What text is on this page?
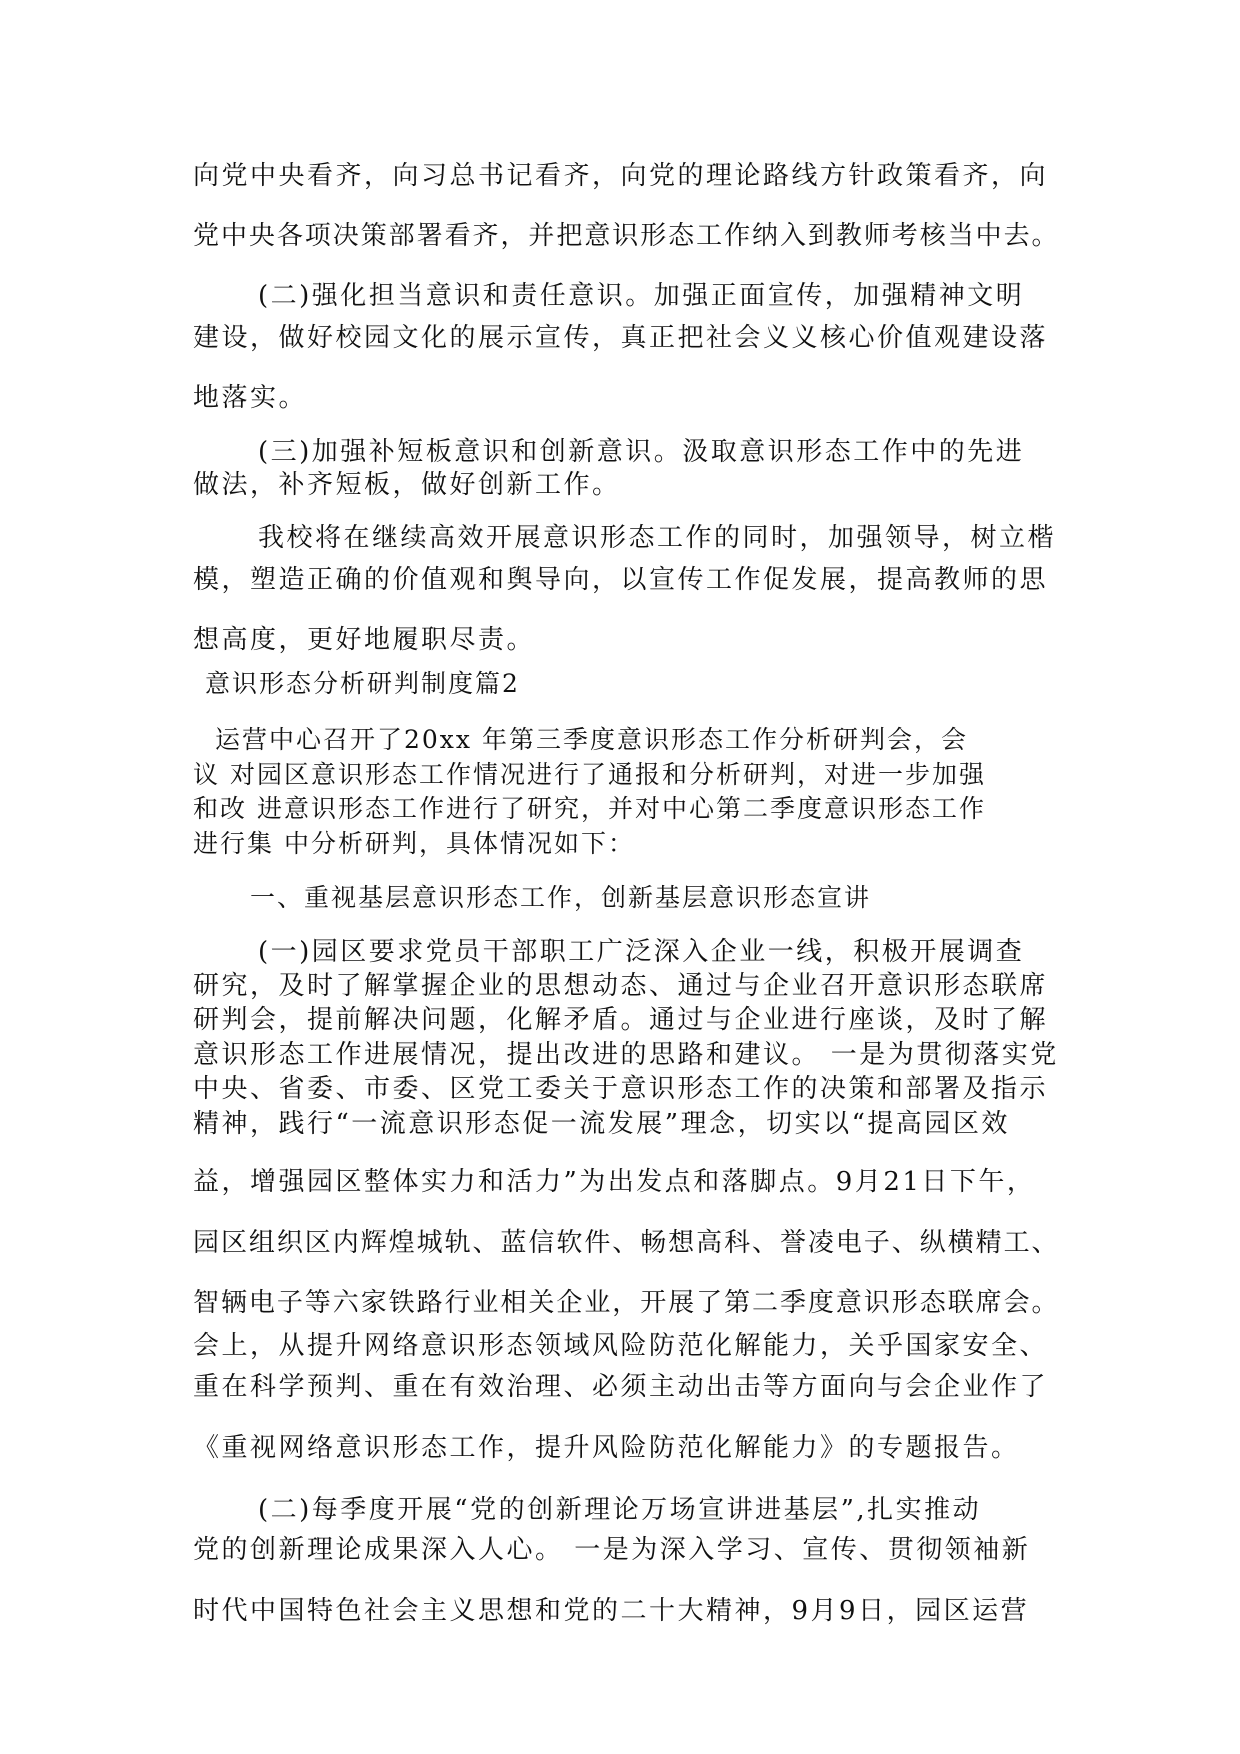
向党中央看齐，向习总书记看齐，向党的理论路线方针政策看齐，向
党中央各项决策部署看齐，并把意识形态工作纳入到教师考核当中去。
(二)强化担当意识和责任意识。加强正面宣传，加强精神文明
建设，做好校园文化的展示宣传，真正把社会义义核心价值观建设落
地落实。
(三)加强补短板意识和创新意识。汲取意识形态工作中的先进
做法，补齐短板，做好创新工作。
我校将在继续高效开展意识形态工作的同时，加强领导，树立楷
模，塑造正确的价值观和舆导向，以宣传工作促发展，提高教师的思
想高度，更好地履职尽责。
意识形态分析研判制度篇2
运营中心召开了20xx 年第三季度意识形态工作分析研判会，会
议 对园区意识形态工作情况进行了通报和分析研判，对进一步加强
和改 进意识形态工作进行了研究，并对中心第二季度意识形态工作
进行集 中分析研判，具体情况如下：
一、重视基层意识形态工作，创新基层意识形态宣讲
(一)园区要求党员干部职工广泛深入企业一线，积极开展调查
研究，及时了解掌握企业的思想动态、通过与企业召开意识形态联席
研判会，提前解决问题，化解矛盾。通过与企业进行座谈，及时了解
意识形态工作进展情况，提出改进的思路和建议。 一是为贯彻落实党
中央、省委、市委、区党工委关于意识形态工作的决策和部署及指示
精神，践行“一流意识形态促一流发展”理念，切实以“提高园区效
益，增强园区整体实力和活力”为出发点和落脚点。9月21日下午，
园区组织区内辉煌城轨、蓝信软件、畅想高科、誉凌电子、纵横精工、
智辆电子等六家铁路行业相关企业，开展了第二季度意识形态联席会。
会上，从提升网络意识形态领域风险防范化解能力，关乎国家安全、
重在科学预判、重在有效治理、必须主动出击等方面向与会企业作了
《重视网络意识形态工作，提升风险防范化解能力》的专题报告。
(二)每季度开展“党的创新理论万场宣讲进基层”,扎实推动
党的创新理论成果深入人心。 一是为深入学习、宣传、贯彻领袖新
时代中国特色社会主义思想和党的二十大精神，9月9日，园区运营
